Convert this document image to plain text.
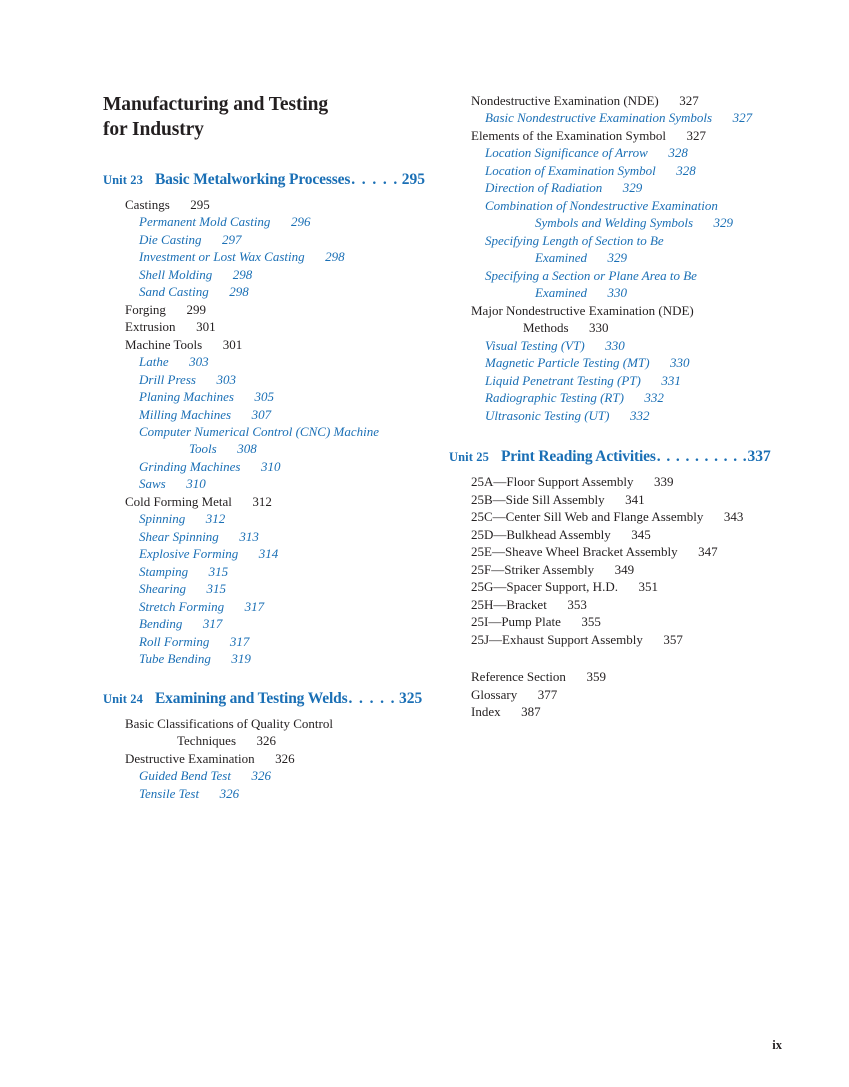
Manufacturing and Testing
for Industry
Unit 23 Basic Metalworking Processes . . . . . 295
Castings  295
Permanent Mold Casting  296
Die Casting  297
Investment or Lost Wax Casting  298
Shell Molding  298
Sand Casting  298
Forging  299
Extrusion  301
Machine Tools  301
Lathe  303
Drill Press  303
Planing Machines  305
Milling Machines  307
Computer Numerical Control (CNC) Machine
Tools  308
Grinding Machines  310
Saws  310
Cold Forming Metal  312
Spinning  312
Shear Spinning  313
Explosive Forming  314
Stamping  315
Shearing  315
Stretch Forming  317
Bending  317
Roll Forming  317
Tube Bending  319
Unit 24 Examining and Testing Welds . . . . . 325
Basic Classifications of Quality Control
Techniques  326
Destructive Examination  326
Guided Bend Test  326
Tensile Test  326
Nondestructive Examination (NDE)  327
Basic Nondestructive Examination Symbols  327
Elements of the Examination Symbol  327
Location Significance of Arrow  328
Location of Examination Symbol  328
Direction of Radiation  329
Combination of Nondestructive Examination
Symbols and Welding Symbols  329
Specifying Length of Section to Be
Examined  329
Specifying a Section or Plane Area to Be
Examined  330
Major Nondestructive Examination (NDE)
Methods  330
Visual Testing (VT)  330
Magnetic Particle Testing (MT)  330
Liquid Penetrant Testing (PT)  331
Radiographic Testing (RT)  332
Ultrasonic Testing (UT)  332
Unit 25 Print Reading Activities . . . . . . . . . . 337
25A—Floor Support Assembly  339
25B—Side Sill Assembly  341
25C—Center Sill Web and Flange Assembly  343
25D—Bulkhead Assembly  345
25E—Sheave Wheel Bracket Assembly  347
25F—Striker Assembly  349
25G—Spacer Support, H.D.  351
25H—Bracket  353
25I—Pump Plate  355
25J—Exhaust Support Assembly  357
Reference Section  359
Glossary  377
Index  387
ix
